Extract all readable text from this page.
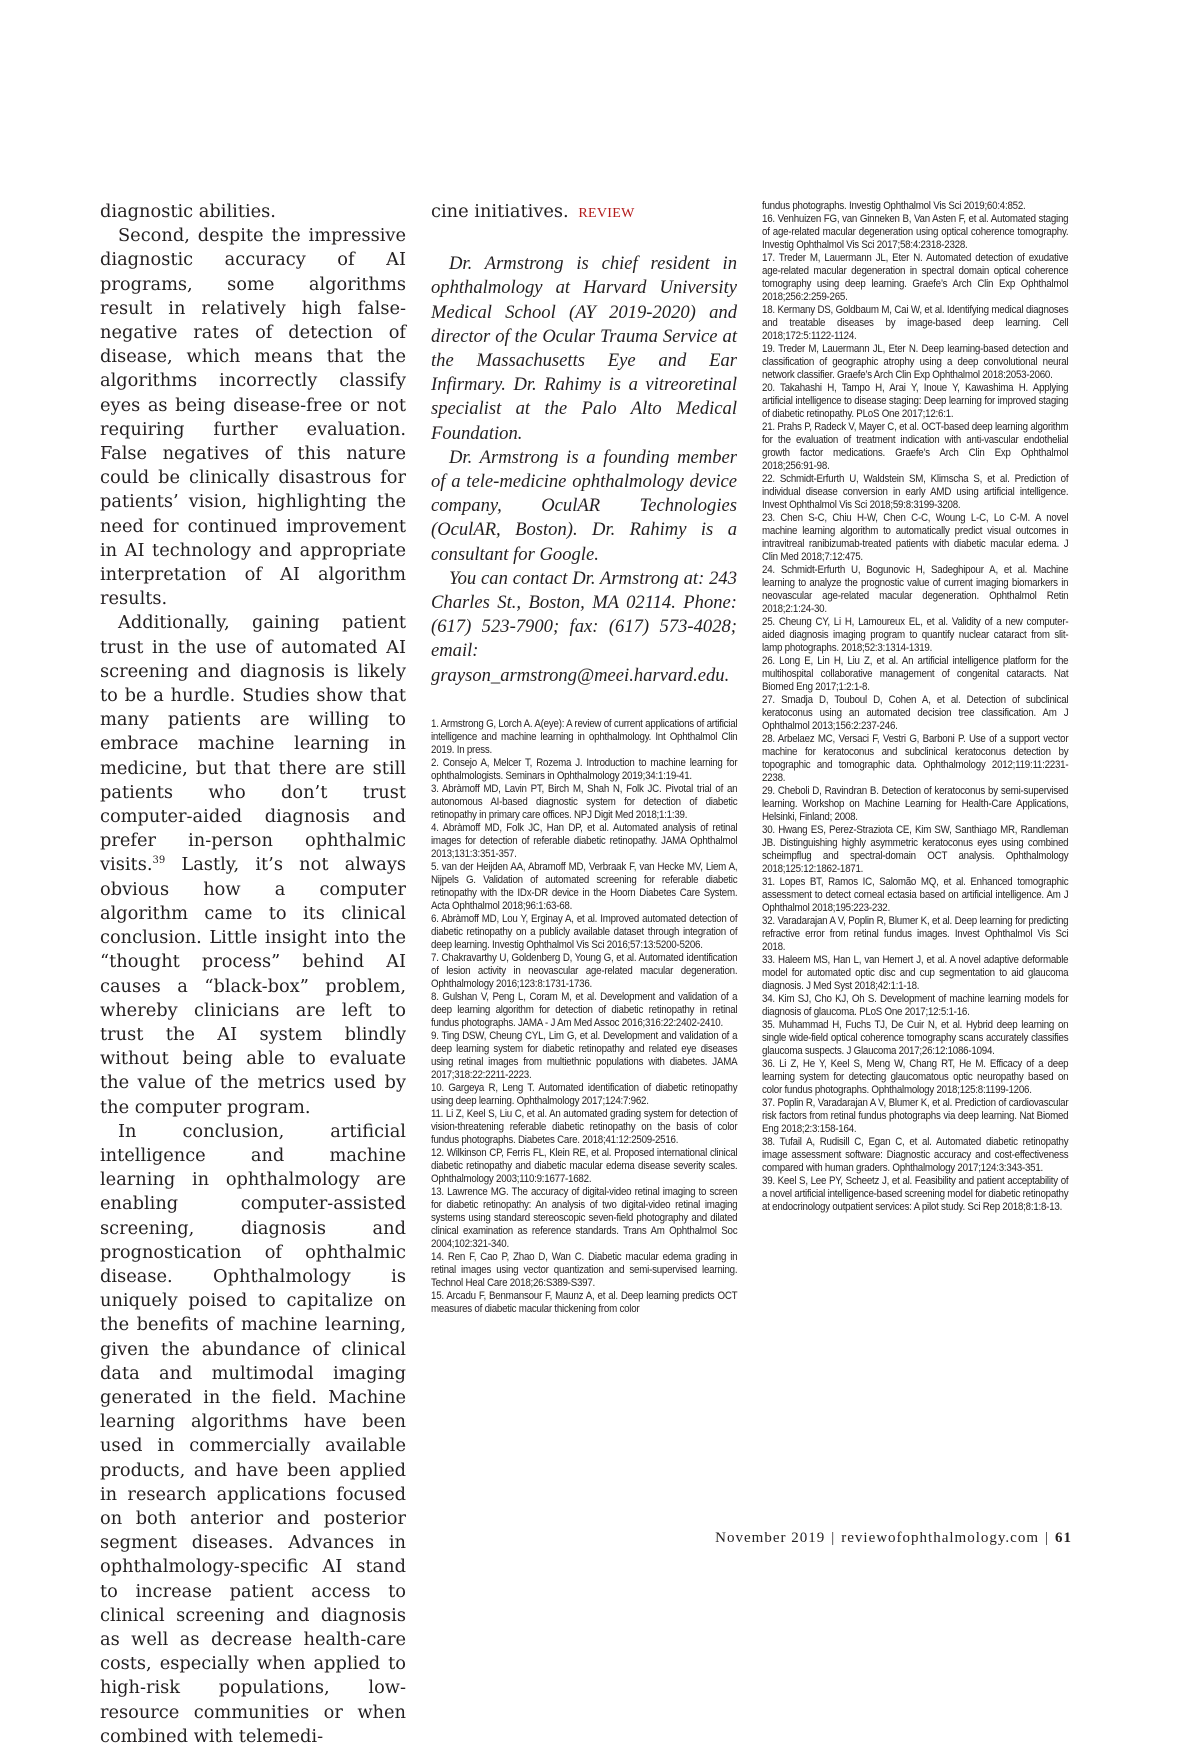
diagnostic abilities.

Second, despite the impressive diagnostic accuracy of AI programs, some algorithms result in relatively high false-negative rates of detection of disease, which means that the algorithms incorrectly classify eyes as being disease-free or not requiring further evaluation. False negatives of this nature could be clinically disastrous for patients’ vision, highlighting the need for continued improvement in AI technology and appropriate interpretation of AI algorithm results.

Additionally, gaining patient trust in the use of automated AI screening and diagnosis is likely to be a hurdle. Studies show that many patients are willing to embrace machine learning in medicine, but that there are still patients who don’t trust computer-aided diagnosis and prefer in-person ophthalmic visits.$^{39}$ Lastly, it’s not always obvious how a computer algorithm came to its clinical conclusion. Little insight into the “thought process” behind AI causes a “black-box” problem, whereby clinicians are left to trust the AI system blindly without being able to evaluate the value of the metrics used by the computer program.

In conclusion, artificial intelligence and machine learning in ophthalmology are enabling computer-assisted screening, diagnosis and prognostication of ophthalmic disease. Ophthalmology is uniquely poised to capitalize on the benefits of machine learning, given the abundance of clinical data and multimodal imaging generated in the field. Machine learning algorithms have been used in commercially available products, and have been applied in research applications focused on both anterior and posterior segment diseases. Advances in ophthalmology-specific AI stand to increase patient access to clinical screening and diagnosis as well as decrease health-care costs, especially when applied to high-risk populations, low-resource communities or when combined with telemedi-

cine initiatives. REVIEW

Dr. Armstrong is chief resident in ophthalmology at Harvard University Medical School (AY 2019-2020) and director of the Ocular Trauma Service at the Massachusetts Eye and Ear Infirmary. Dr. Rahimy is a vitreoretinal specialist at the Palo Alto Medical Foundation.

Dr. Armstrong is a founding member of a tele-medicine ophthalmology device company, OculAR Technologies (OculAR, Boston). Dr. Rahimy is a consultant for Google.

You can contact Dr. Armstrong at: 243 Charles St., Boston, MA 02114. Phone: (617) 523-7900; fax: (617) 573-4028; email: grayson_armstrong@meei.harvard.edu.

1. Armstrong G, Lorch A. A(eye): A review of current applications of artificial intelligence and machine learning in ophthalmology. Int Ophthalmol Clin 2019. In press.

2. Consejo A, Melcer T, Rozema J. Introduction to machine learning for ophthalmologists. Seminars in Ophthalmology 2019;34:1:19-41.

3. Abràmoff MD, Lavin PT, Birch M, Shah N, Folk JC. Pivotal trial of an autonomous AI-based diagnostic system for detection of diabetic retinopathy in primary care offices. NPJ Digit Med 2018;1:1:39.

4. Abràmoff MD, Folk JC, Han DP, et al. Automated analysis of retinal images for detection of referable diabetic retinopathy. JAMA Ophthalmol 2013;131:3:351-357.

5. van der Heijden AA, Abramoff MD, Verbraak F, van Hecke MV, Liem A, Nijpels G. Validation of automated screening for referable diabetic retinopathy with the IDx-DR device in the Hoorn Diabetes Care System. Acta Ophthalmol 2018;96:1:63-68.

6. Abràmoff MD, Lou Y, Erginay A, et al. Improved automated detection of diabetic retinopathy on a publicly available dataset through integration of deep learning. Investig Ophthalmol Vis Sci 2016;57:13:5200-5206.

7. Chakravarthy U, Goldenberg D, Young G, et al. Automated identification of lesion activity in neovascular age-related macular degeneration. Ophthalmology 2016;123:8:1731-1736.

8. Gulshan V, Peng L, Coram M, et al. Development and validation of a deep learning algorithm for detection of diabetic retinopathy in retinal fundus photographs. JAMA - J Am Med Assoc 2016;316:22:2402-2410.

9. Ting DSW, Cheung CYL, Lim G, et al. Development and validation of a deep learning system for diabetic retinopathy and related eye diseases using retinal images from multiethnic populations with diabetes. JAMA 2017;318:22:2211-2223.

10. Gargeya R, Leng T. Automated identification of diabetic retinopathy using deep learning. Ophthalmology 2017;124:7:962.

11. Li Z, Keel S, Liu C, et al. An automated grading system for detection of vision-threatening referable diabetic retinopathy on the basis of color fundus photographs. Diabetes Care. 2018;41:12:2509-2516.

12. Wilkinson CP, Ferris FL, Klein RE, et al. Proposed international clinical diabetic retinopathy and diabetic macular edema disease severity scales. Ophthalmology 2003;110:9:1677-1682.

13. Lawrence MG. The accuracy of digital-video retinal imaging to screen for diabetic retinopathy: An analysis of two digital-video retinal imaging systems using standard stereoscopic seven-field photography and dilated clinical examination as reference standards. Trans Am Ophthalmol Soc 2004;102:321-340.

14. Ren F, Cao P, Zhao D, Wan C. Diabetic macular edema grading in retinal images using vector quantization and semi-supervised learning. Technol Heal Care 2018;26:S389-S397.

15. Arcadu F, Benmansour F, Maunz A, et al. Deep learning predicts OCT measures of diabetic macular thickening from color

fundus photographs. Investig Ophthalmol Vis Sci 2019;60:4:852.

16. Venhuizen FG, van Ginneken B, Van Asten F, et al. Automated staging of age-related macular degeneration using optical coherence tomography. Investig Ophthalmol Vis Sci 2017;58:4:2318-2328.

17. Treder M, Lauermann JL, Eter N. Automated detection of exudative age-related macular degeneration in spectral domain optical coherence tomography using deep learning. Graefe’s Arch Clin Exp Ophthalmol 2018;256:2:259-265.

18. Kermany DS, Goldbaum M, Cai W, et al. Identifying medical diagnoses and treatable diseases by image-based deep learning. Cell 2018;172:5:1122-1124.

19. Treder M, Lauermann JL, Eter N. Deep learning-based detection and classification of geographic atrophy using a deep convolutional neural network classifier. Graefe’s Arch Clin Exp Ophthalmol 2018:2053-2060.

20. Takahashi H, Tampo H, Arai Y, Inoue Y, Kawashima H. Applying artificial intelligence to disease staging: Deep learning for improved staging of diabetic retinopathy. PLoS One 2017;12:6:1.

21. Prahs P, Radeck V, Mayer C, et al. OCT-based deep learning algorithm for the evaluation of treatment indication with anti-vascular endothelial growth factor medications. Graefe’s Arch Clin Exp Ophthalmol 2018;256:91-98.

22. Schmidt-Erfurth U, Waldstein SM, Klimscha S, et al. Prediction of individual disease conversion in early AMD using artificial intelligence. Invest Ophthalmol Vis Sci 2018;59:8:3199-3208.

23. Chen S-C, Chiu H-W, Chen C-C, Woung L-C, Lo C-M. A novel machine learning algorithm to automatically predict visual outcomes in intravitreal ranibizumab-treated patients with diabetic macular edema. J Clin Med 2018;7:12:475.

24. Schmidt-Erfurth U, Bogunovic H, Sadeghipour A, et al. Machine learning to analyze the prognostic value of current imaging biomarkers in neovascular age-related macular degeneration. Ophthalmol Retin 2018;2:1:24-30.

25. Cheung CY, Li H, Lamoureux EL, et al. Validity of a new computer-aided diagnosis imaging program to quantify nuclear cataract from slit-lamp photographs. 2018;52:3:1314-1319.

26. Long E, Lin H, Liu Z, et al. An artificial intelligence platform for the multihospital collaborative management of congenital cataracts. Nat Biomed Eng 2017;1:2:1-8.

27. Smadja D, Touboul D, Cohen A, et al. Detection of subclinical keratoconus using an automated decision tree classification. Am J Ophthalmol 2013;156:2:237-246.

28. Arbelaez MC, Versaci F, Vestri G, Barboni P. Use of a support vector machine for keratoconus and subclinical keratoconus detection by topographic and tomographic data. Ophthalmology 2012;119:11:2231-2238.

29. Cheboli D, Ravindran B. Detection of keratoconus by semi-supervised learning. Workshop on Machine Learning for Health-Care Applications, Helsinki, Finland; 2008.

30. Hwang ES, Perez-Straziota CE, Kim SW, Santhiago MR, Randleman JB. Distinguishing highly asymmetric keratoconus eyes using combined scheimpflug and spectral-domain OCT analysis. Ophthalmology 2018;125:12:1862-1871.

31. Lopes BT, Ramos IC, Salomão MQ, et al. Enhanced tomographic assessment to detect corneal ectasia based on artificial intelligence. Am J Ophthalmol 2018;195:223-232.

32. Varadarajan A V, Poplin R, Blumer K, et al. Deep learning for predicting refractive error from retinal fundus images. Invest Ophthalmol Vis Sci 2018.

33. Haleem MS, Han L, van Hemert J, et al. A novel adaptive deformable model for automated optic disc and cup segmentation to aid glaucoma diagnosis. J Med Syst 2018;42:1:1-18.

34. Kim SJ, Cho KJ, Oh S. Development of machine learning models for diagnosis of glaucoma. PLoS One 2017;12:5:1-16.

35. Muhammad H, Fuchs TJ, De Cuir N, et al. Hybrid deep learning on single wide-field optical coherence tomography scans accurately classifies glaucoma suspects. J Glaucoma 2017;26:12:1086-1094.

36. Li Z, He Y, Keel S, Meng W, Chang RT, He M. Efficacy of a deep learning system for detecting glaucomatous optic neuropathy based on color fundus photographs. Ophthalmology 2018;125:8:1199-1206.

37. Poplin R, Varadarajan A V, Blumer K, et al. Prediction of cardiovascular risk factors from retinal fundus photographs via deep learning. Nat Biomed Eng 2018;2:3:158-164.

38. Tufail A, Rudisill C, Egan C, et al. Automated diabetic retinopathy image assessment software: Diagnostic accuracy and cost-effectiveness compared with human graders. Ophthalmology 2017;124:3:343-351.

39. Keel S, Lee PY, Scheetz J, et al. Feasibility and patient acceptability of a novel artificial intelligence-based screening model for diabetic retinopathy at endocrinology outpatient services: A pilot study. Sci Rep 2018;8:1:8-13.

November 2019 | reviewofophthalmology.com | 61
